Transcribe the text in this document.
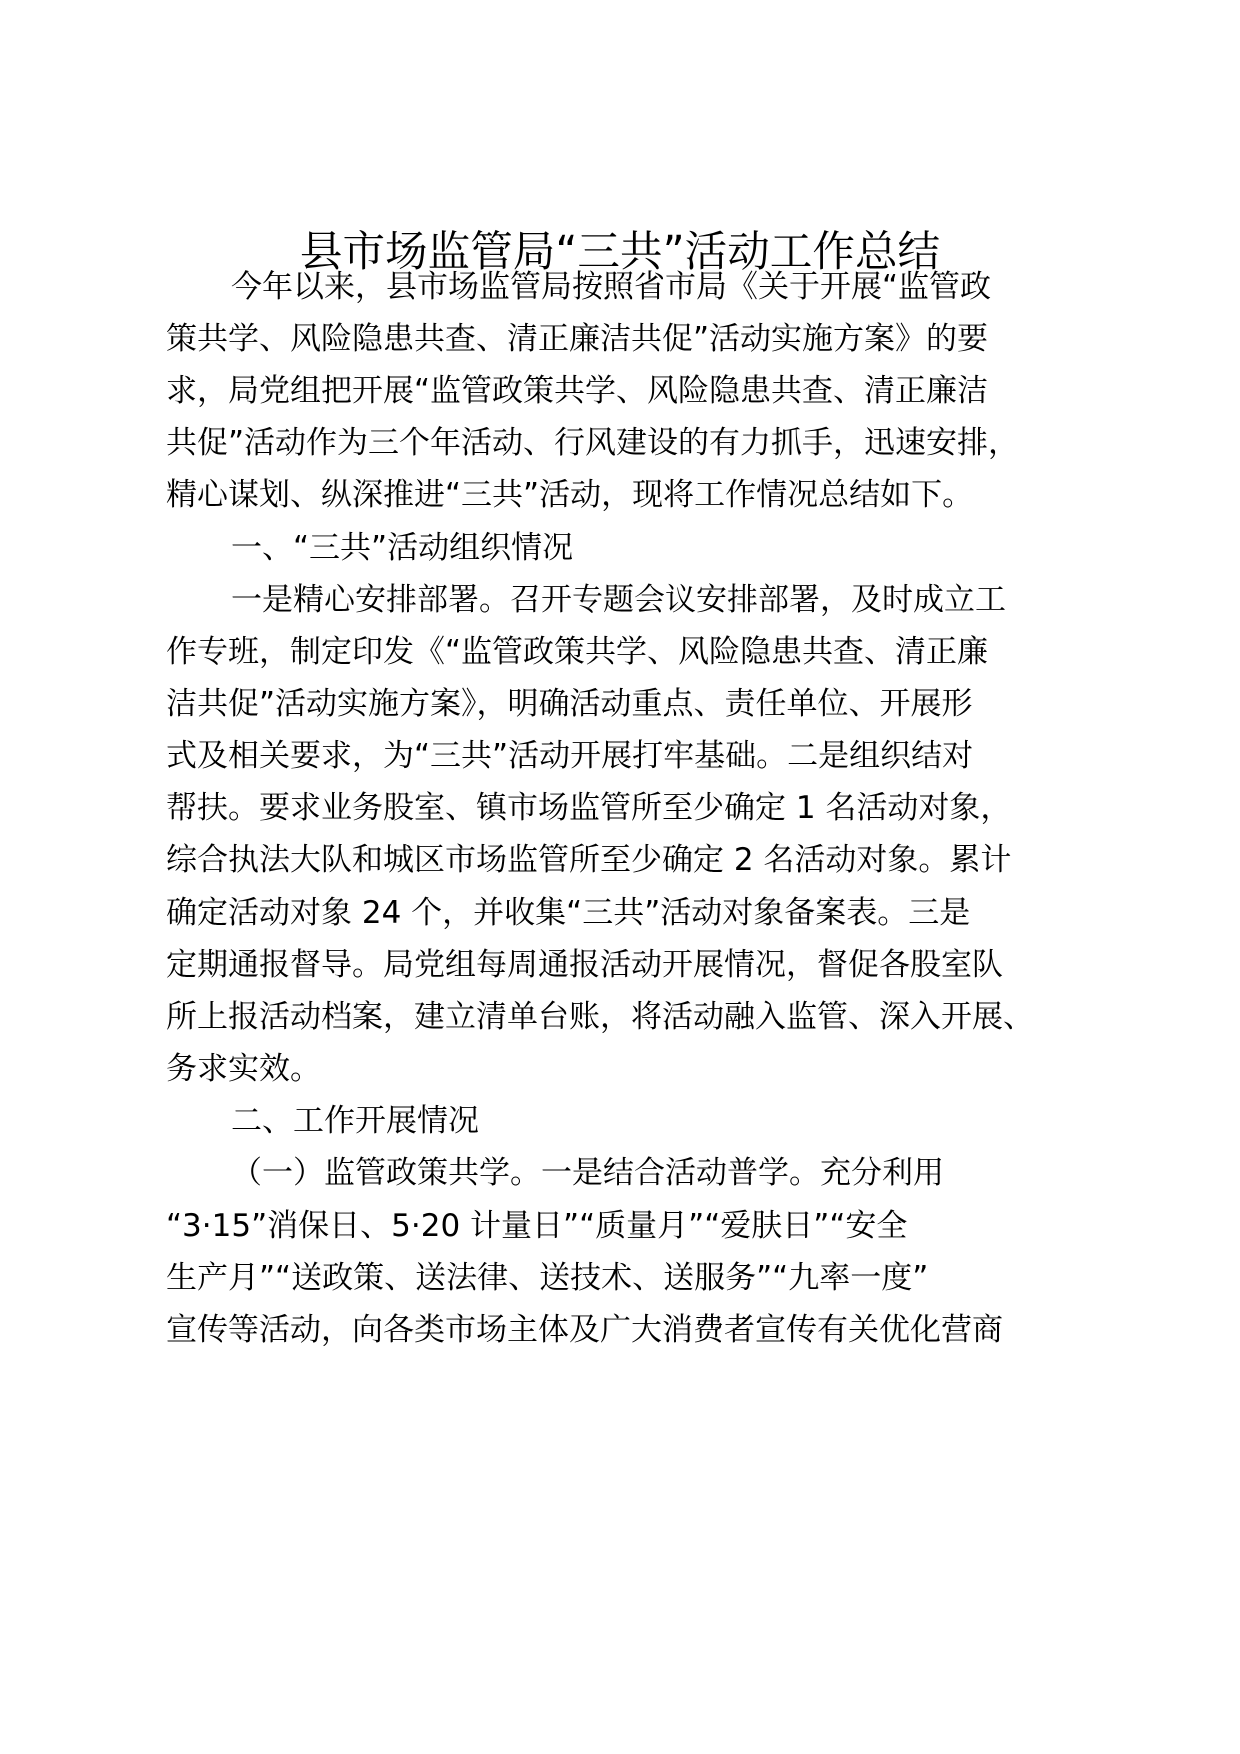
县市场监管局“三共”活动工作总结

今年以来，县市场监管局按照省市局《关于开展“监管政

策共学、风险隐患共查、清正廉洁共促”活动实施方案》的要

求，局党组把开展“监管政策共学、风险隐患共查、清正廉洁

共促”活动作为三个年活动、行风建设的有力抓手，迅速安排，

精心谋划、纵深推进“三共”活动，现将工作情况总结如下。

一、“三共”活动组织情况

一是精心安排部署。召开专题会议安排部署，及时成立工

作专班，制定印发《“监管政策共学、风险隐患共查、清正廉

洁共促”活动实施方案》，明确活动重点、责任单位、开展形

式及相关要求，为“三共”活动开展打牢基础。二是组织结对

帮扶。要求业务股室、镇市场监管所至少确定 1 名活动对象，

综合执法大队和城区市场监管所至少确定 2 名活动对象。累计

确定活动对象 24 个，并收集“三共”活动对象备案表。三是

定期通报督导。局党组每周通报活动开展情况，督促各股室队

所上报活动档案，建立清单台账，将活动融入监管、深入开展、

务求实效。

二、工作开展情况

（一）监管政策共学。一是结合活动普学。充分利用

“3·15”消保日、5·20 计量日”“质量月”“爱肤日”“安全

生产月”“送政策、送法律、送技术、送服务”“九率一度”

宣传等活动，向各类市场主体及广大消费者宣传有关优化营商
